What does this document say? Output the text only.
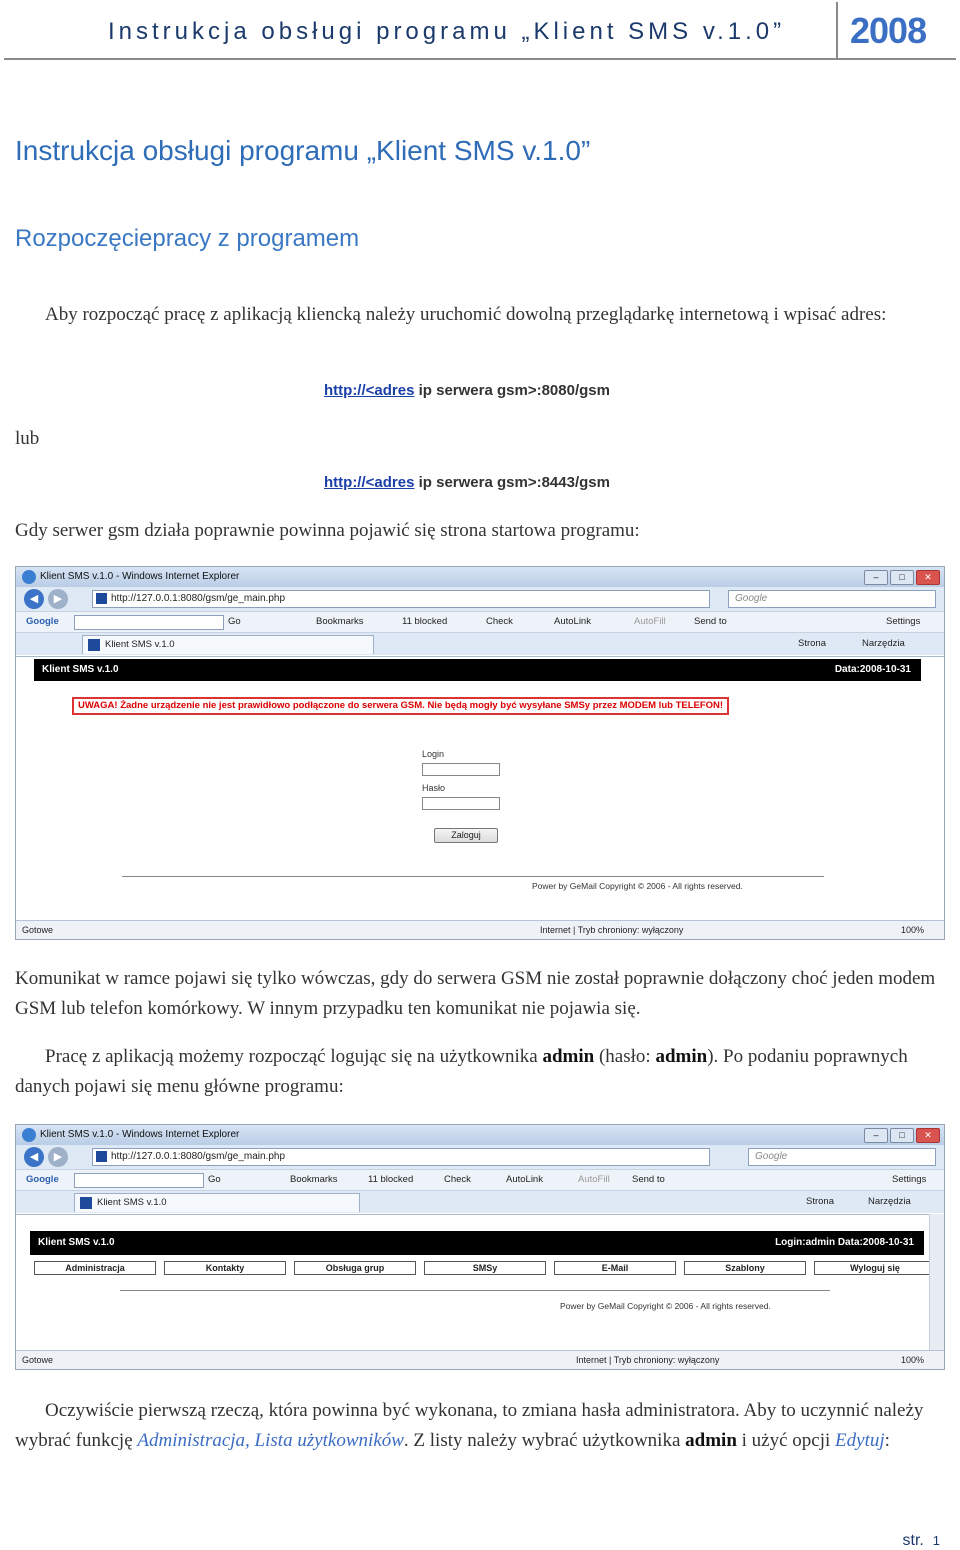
Instrukcja obsługi programu „Klient SMS v.1.0” 2008
Instrukcja obsługi programu „Klient SMS v.1.0”
Rozpoczęciepracy z programem
Aby rozpocząć pracę z aplikacją kliencką należy uruchomić dowolną przeglądarkę internetową i wpisać adres:
http://<adres ip serwera gsm>:8080/gsm
lub
http://<adres ip serwera gsm>:8443/gsm
Gdy serwer gsm działa poprawnie powinna pojawić się strona startowa programu:
Klient SMS v.1.0 - Windows Internet Explorer	–	□	✕
◀	▶	http://127.0.0.1:8080/gsm/ge_main.php	Google
Google	Go	Bookmarks	11 blocked	Check	AutoLink	AutoFill	Send to	Settings
Klient SMS v.1.0	Strona	Narzędzia
Klient SMS v.1.0	Data:2008-10-31
UWAGA! Żadne urządzenie nie jest prawidłowo podłączone do serwera GSM. Nie będą mogły być wysyłane SMSy przez MODEM lub TELEFON!
Login
Hasło
Zaloguj
Power by GeMail Copyright © 2006 - All rights reserved.
Gotowe	Internet | Tryb chroniony: wyłączony	100%
Komunikat w ramce pojawi się tylko wówczas, gdy do serwera GSM nie został poprawnie dołączony choć jeden modem GSM lub telefon komórkowy. W innym przypadku ten komunikat nie pojawia się.
Pracę z aplikacją możemy rozpocząć logując się na użytkownika admin (hasło: admin). Po podaniu poprawnych danych pojawi się menu główne programu:
Klient SMS v.1.0 - Windows Internet Explorer	–	□	✕
◀	▶	http://127.0.0.1:8080/gsm/ge_main.php	Google
Google	Go	Bookmarks	11 blocked	Check	AutoLink	AutoFill Send to	Settings
Klient SMS v.1.0	Strona	Narzędzia
Klient SMS v.1.0	Login:admin Data:2008-10-31
Administracja	Kontakty	Obsługa grup	SMSy	E-Mail	Szablony	Wyloguj się
Power by GeMail Copyright © 2006 - All rights reserved.
Gotowe	Internet | Tryb chroniony: wyłączony	100%
Oczywiście pierwszą rzeczą, która powinna być wykonana, to zmiana hasła administratora. Aby to uczynnić należy wybrać funkcję Administracja, Lista użytkowników. Z listy należy wybrać użytkownika admin i użyć opcji Edytuj:
str. 1
